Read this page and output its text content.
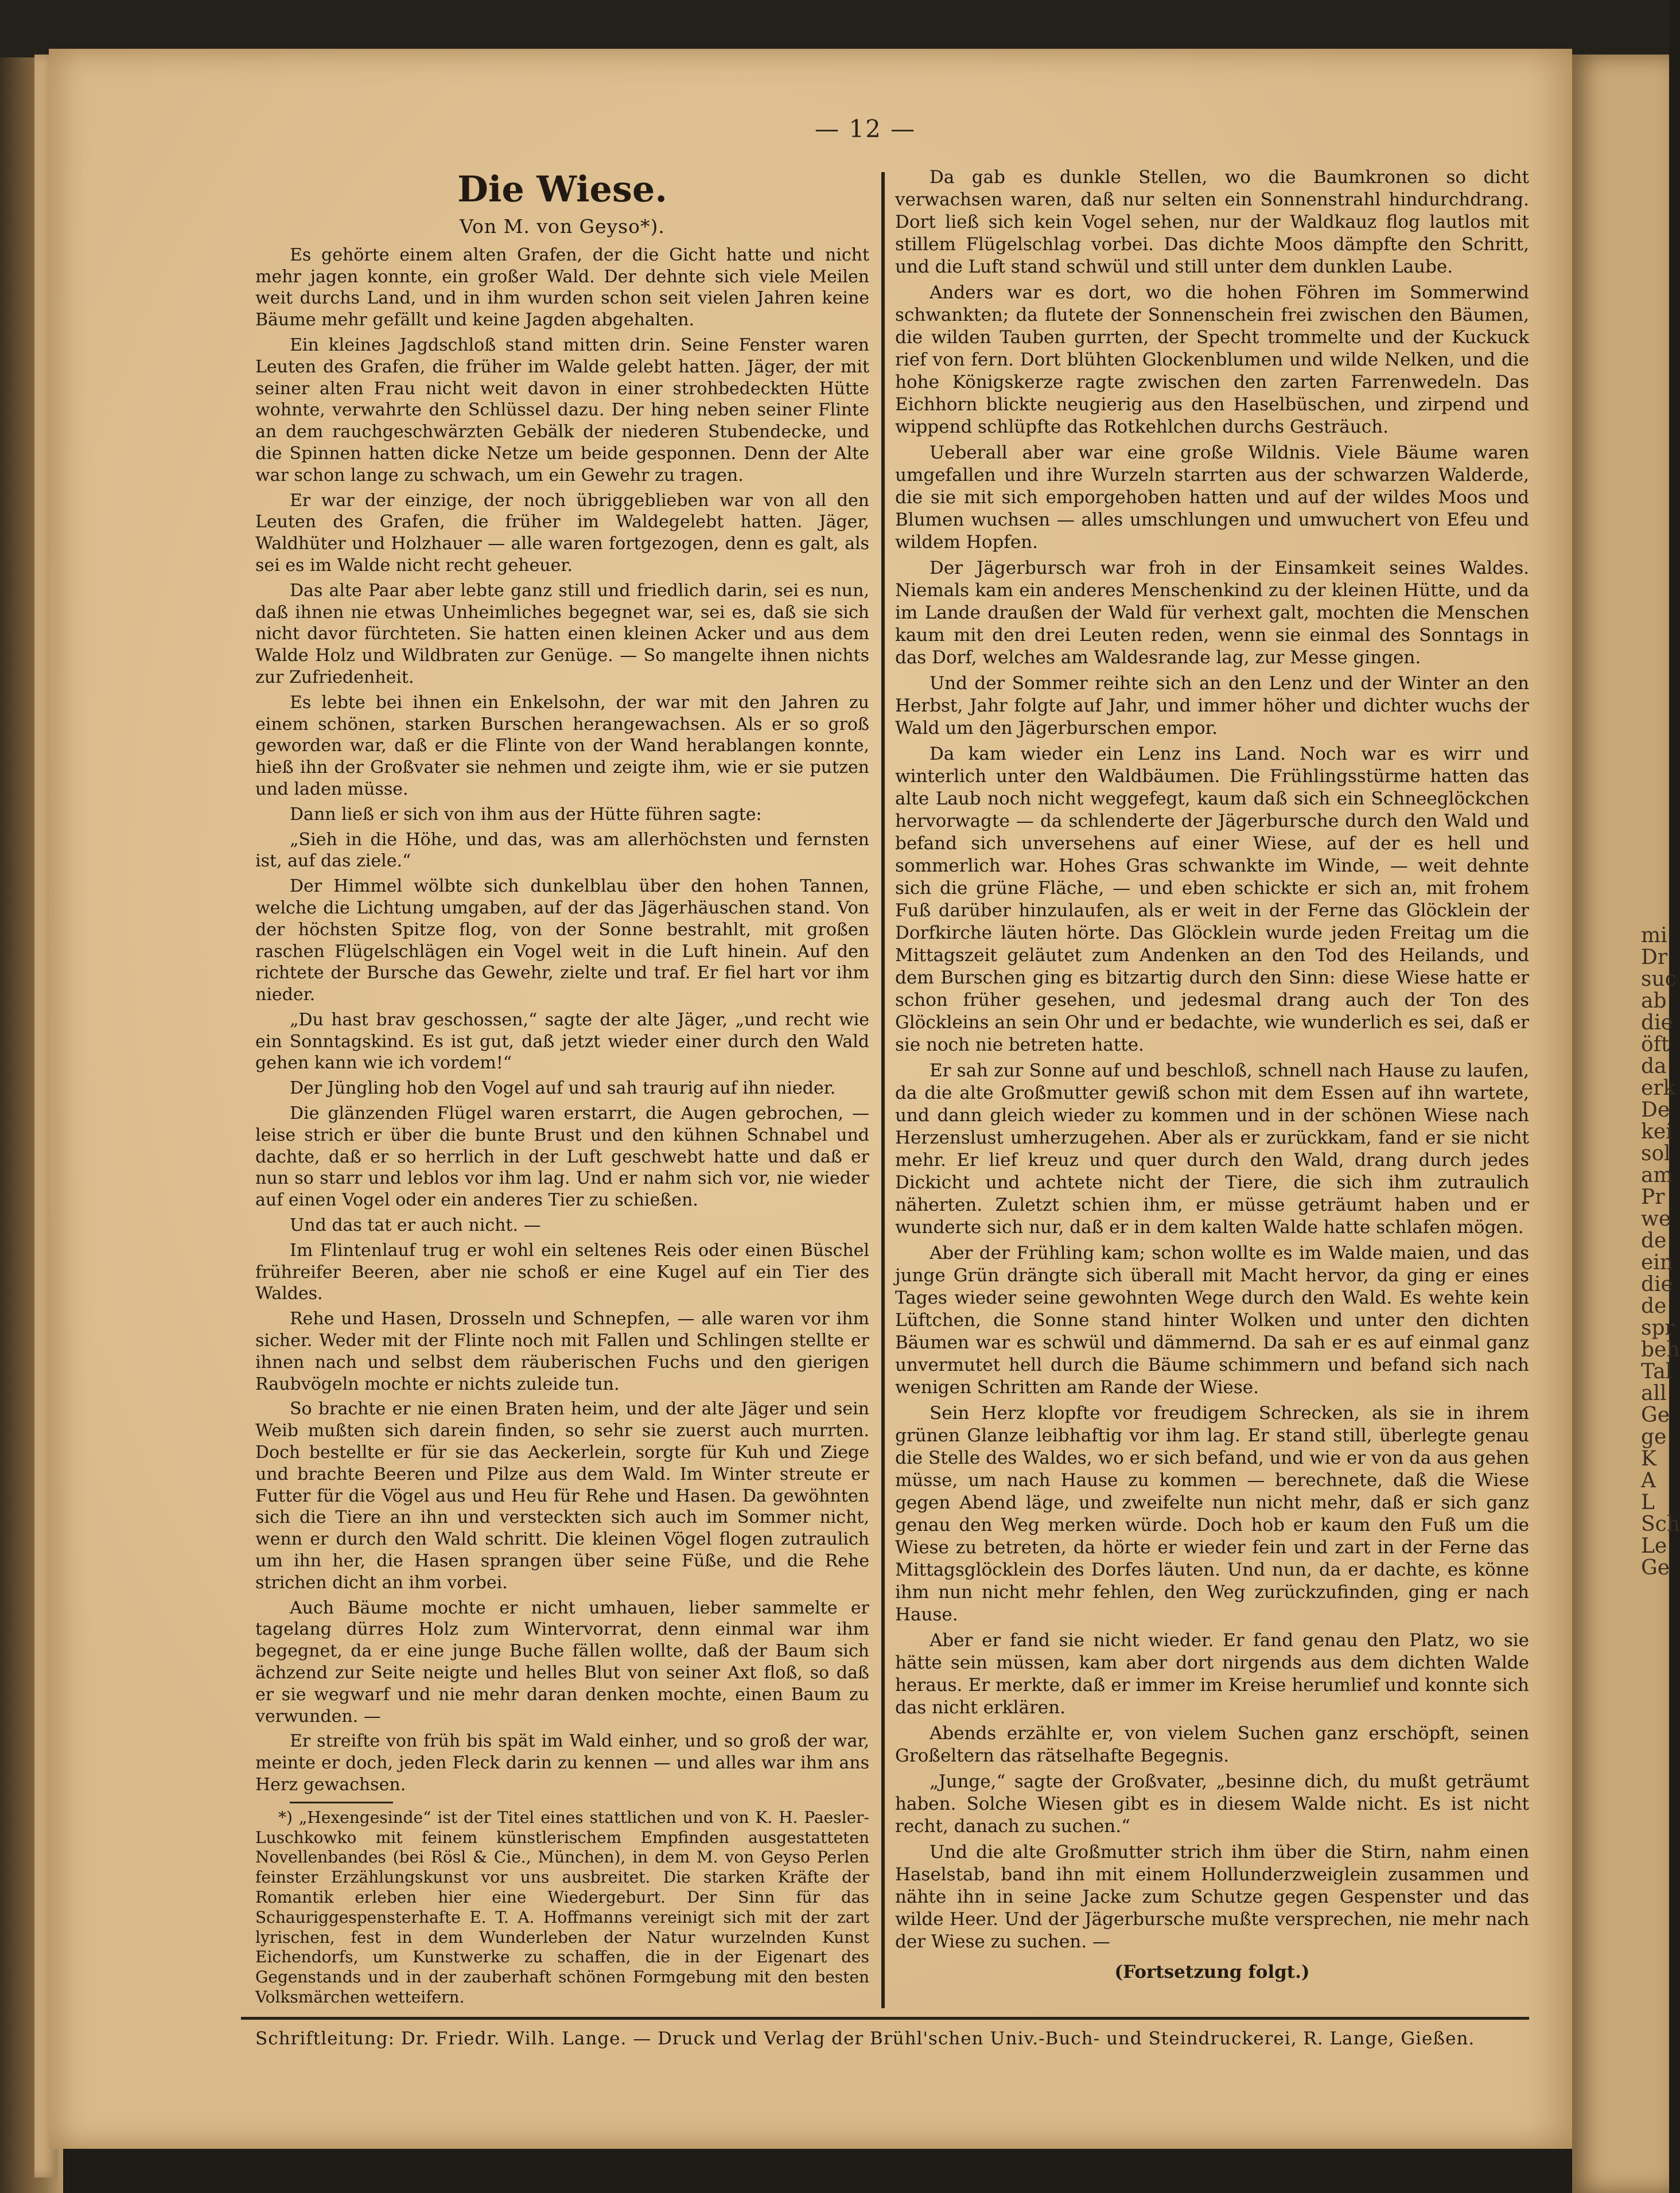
— 12 —
Die Wiese.
Von M. von Geyso*).

Es gehörte einem alten Grafen, der die Gicht hatte und nicht mehr jagen konnte, ein großer Wald. Der dehnte sich viele Meilen weit durchs Land, und in ihm wurden schon seit vielen Jahren keine Bäume mehr gefällt und keine Jagden abgehalten.

Ein kleines Jagdschloß stand mitten drin. Seine Fenster waren Leuten des Grafen, die früher im Walde gelebt hatten. Jäger, der mit seiner alten Frau nicht weit davon in einer strohbedeckten Hütte wohnte, verwahrte den Schlüssel dazu. Der hing neben seiner Flinte an dem rauchgeschwärzten Gebälk der niederen Stubendecke, und die Spinnen hatten dicke Netze um beide gesponnen. Denn der Alte war schon lange zu schwach, um ein Gewehr zu tragen.

Er war der einzige, der noch übriggeblieben war von all den Leuten des Grafen, die früher im Waldegelebt hatten. Jäger, Waldhüter und Holzhauer — alle waren fortgezogen, denn es galt, als sei es im Walde nicht recht geheuer.

Das alte Paar aber lebte ganz still und friedlich darin, sei es nun, daß ihnen nie etwas Unheimliches begegnet war, sei es, daß sie sich nicht davor fürchteten. Sie hatten einen kleinen Acker und aus dem Walde Holz und Wildbraten zur Genüge. — So mangelte ihnen nichts zur Zufriedenheit.

Es lebte bei ihnen ein Enkelsohn, der war mit den Jahren zu einem schönen, starken Burschen herangewachsen. Als er so groß geworden war, daß er die Flinte von der Wand herablangen konnte, hieß ihn der Großvater sie nehmen und zeigte ihm, wie er sie putzen und laden müsse.

Dann ließ er sich von ihm aus der Hütte führen sagte:

„Sieh in die Höhe, und das, was am allerhöchsten und fernsten ist, auf das ziele.“

Der Himmel wölbte sich dunkelblau über den hohen Tannen, welche die Lichtung umgaben, auf der das Jägerhäuschen stand. Von der höchsten Spitze flog, von der Sonne bestrahlt, mit großen raschen Flügelschlägen ein Vogel weit in die Luft hinein. Auf den richtete der Bursche das Gewehr, zielte und traf. Er fiel hart vor ihm nieder.

„Du hast brav geschossen,“ sagte der alte Jäger, „und recht wie ein Sonntagskind. Es ist gut, daß jetzt wieder einer durch den Wald gehen kann wie ich vordem!“

Der Jüngling hob den Vogel auf und sah traurig auf ihn nieder.

Die glänzenden Flügel waren erstarrt, die Augen gebrochen, — leise strich er über die bunte Brust und den kühnen Schnabel und dachte, daß er so herrlich in der Luft geschwebt hatte und daß er nun so starr und leblos vor ihm lag. Und er nahm sich vor, nie wieder auf einen Vogel oder ein anderes Tier zu schießen.

Und das tat er auch nicht. —

Im Flintenlauf trug er wohl ein seltenes Reis oder einen Büschel frühreifer Beeren, aber nie schoß er eine Kugel auf ein Tier des Waldes.

Rehe und Hasen, Drosseln und Schnepfen, — alle waren vor ihm sicher. Weder mit der Flinte noch mit Fallen und Schlingen stellte er ihnen nach und selbst dem räuberischen Fuchs und den gierigen Raubvögeln mochte er nichts zuleide tun.

So brachte er nie einen Braten heim, und der alte Jäger und sein Weib mußten sich darein finden, so sehr sie zuerst auch murrten. Doch bestellte er für sie das Aeckerlein, sorgte für Kuh und Ziege und brachte Beeren und Pilze aus dem Wald. Im Winter streute er Futter für die Vögel aus und Heu für Rehe und Hasen. Da gewöhnten sich die Tiere an ihn und versteckten sich auch im Sommer nicht, wenn er durch den Wald schritt. Die kleinen Vögel flogen zutraulich um ihn her, die Hasen sprangen über seine Füße, und die Rehe strichen dicht an ihm vorbei.

Auch Bäume mochte er nicht umhauen, lieber sammelte er tagelang dürres Holz zum Wintervorrat, denn einmal war ihm begegnet, da er eine junge Buche fällen wollte, daß der Baum sich ächzend zur Seite neigte und helles Blut von seiner Axt floß, so daß er sie wegwarf und nie mehr daran denken mochte, einen Baum zu verwunden. —

Er streifte von früh bis spät im Wald einher, und so groß der war, meinte er doch, jeden Fleck darin zu kennen — und alles war ihm ans Herz gewachsen.

*) „Hexengesinde“ ist der Titel eines stattlichen und von K. H. Paesler-Luschkowko mit feinem künstlerischem Empfinden ausgestatteten Novellenbandes (bei Rösl & Cie., München), in dem M. von Geyso Perlen feinster Erzählungskunst vor uns ausbreitet. Die starken Kräfte der Romantik erleben hier eine Wiedergeburt. Der Sinn für das Schauriggespensterhafte E. T. A. Hoffmanns vereinigt sich mit der zart lyrischen, fest in dem Wunderleben der Natur wurzelnden Kunst Eichendorfs, um Kunstwerke zu schaffen, die in der Eigenart des Gegenstands und in der zauberhaft schönen Formgebung mit den besten Volksmärchen wetteifern.

Da gab es dunkle Stellen, wo die Baumkronen so dicht verwachsen waren, daß nur selten ein Sonnenstrahl hindurchdrang. Dort ließ sich kein Vogel sehen, nur der Waldkauz flog lautlos mit stillem Flügelschlag vorbei. Das dichte Moos dämpfte den Schritt, und die Luft stand schwül und still unter dem dunklen Laube.

Anders war es dort, wo die hohen Föhren im Sommerwind schwankten; da flutete der Sonnenschein frei zwischen den Bäumen, die wilden Tauben gurrten, der Specht trommelte und der Kuckuck rief von fern. Dort blühten Glockenblumen und wilde Nelken, und die hohe Königskerze ragte zwischen den zarten Farrenwedeln. Das Eichhorn blickte neugierig aus den Haselbüschen, und zirpend und wippend schlüpfte das Rotkehlchen durchs Gesträuch.

Ueberall aber war eine große Wildnis. Viele Bäume waren umgefallen und ihre Wurzeln starrten aus der schwarzen Walderde, die sie mit sich emporgehoben hatten und auf der wildes Moos und Blumen wuchsen — alles umschlungen und umwuchert von Efeu und wildem Hopfen.

Der Jägerbursch war froh in der Einsamkeit seines Waldes. Niemals kam ein anderes Menschenkind zu der kleinen Hütte, und da im Lande draußen der Wald für verhext galt, mochten die Menschen kaum mit den drei Leuten reden, wenn sie einmal des Sonntags in das Dorf, welches am Waldesrande lag, zur Messe gingen.

Und der Sommer reihte sich an den Lenz und der Winter an den Herbst, Jahr folgte auf Jahr, und immer höher und dichter wuchs der Wald um den Jägerburschen empor.

Da kam wieder ein Lenz ins Land. Noch war es wirr und winterlich unter den Waldbäumen. Die Frühlingsstürme hatten das alte Laub noch nicht weggefegt, kaum daß sich ein Schneeglöckchen hervorwagte — da schlenderte der Jägerbursche durch den Wald und befand sich unversehens auf einer Wiese, auf der es hell und sommerlich war. Hohes Gras schwankte im Winde, — weit dehnte sich die grüne Fläche, — und eben schickte er sich an, mit frohem Fuß darüber hinzulaufen, als er weit in der Ferne das Glöcklein der Dorfkirche läuten hörte. Das Glöcklein wurde jeden Freitag um die Mittagszeit geläutet zum Andenken an den Tod des Heilands, und dem Burschen ging es bitzartig durch den Sinn: diese Wiese hatte er schon früher gesehen, und jedesmal drang auch der Ton des Glöckleins an sein Ohr und er bedachte, wie wunderlich es sei, daß er sie noch nie betreten hatte.

Er sah zur Sonne auf und beschloß, schnell nach Hause zu laufen, da die alte Großmutter gewiß schon mit dem Essen auf ihn wartete, und dann gleich wieder zu kommen und in der schönen Wiese nach Herzenslust umherzugehen. Aber als er zurückkam, fand er sie nicht mehr. Er lief kreuz und quer durch den Wald, drang durch jedes Dickicht und achtete nicht der Tiere, die sich ihm zutraulich näherten. Zuletzt schien ihm, er müsse geträumt haben und er wunderte sich nur, daß er in dem kalten Walde hatte schlafen mögen.

Aber der Frühling kam; schon wollte es im Walde maien, und das junge Grün drängte sich überall mit Macht hervor, da ging er eines Tages wieder seine gewohnten Wege durch den Wald. Es wehte kein Lüftchen, die Sonne stand hinter Wolken und unter den dichten Bäumen war es schwül und dämmernd. Da sah er es auf einmal ganz unvermutet hell durch die Bäume schimmern und befand sich nach wenigen Schritten am Rande der Wiese.

Sein Herz klopfte vor freudigem Schrecken, als sie in ihrem grünen Glanze leibhaftig vor ihm lag. Er stand still, überlegte genau die Stelle des Waldes, wo er sich befand, und wie er von da aus gehen müsse, um nach Hause zu kommen — berechnete, daß die Wiese gegen Abend läge, und zweifelte nun nicht mehr, daß er sich ganz genau den Weg merken würde. Doch hob er kaum den Fuß um die Wiese zu betreten, da hörte er wieder fein und zart in der Ferne das Mittagsglöcklein des Dorfes läuten. Und nun, da er dachte, es könne ihm nun nicht mehr fehlen, den Weg zurückzufinden, ging er nach Hause.

Aber er fand sie nicht wieder. Er fand genau den Platz, wo sie hätte sein müssen, kam aber dort nirgends aus dem dichten Walde heraus. Er merkte, daß er immer im Kreise herumlief und konnte sich das nicht erklären.

Abends erzählte er, von vielem Suchen ganz erschöpft, seinen Großeltern das rätselhafte Begegnis.

„Junge,“ sagte der Großvater, „besinne dich, du mußt geträumt haben. Solche Wiesen gibt es in diesem Walde nicht. Es ist nicht recht, danach zu suchen.“

Und die alte Großmutter strich ihm über die Stirn, nahm einen Haselstab, band ihn mit einem Hollunderzweiglein zusammen und nähte ihn in seine Jacke zum Schutze gegen Gespenster und das wilde Heer. Und der Jägerbursche mußte versprechen, nie mehr nach der Wiese zu suchen. —

(Fortsetzung folgt.)
Schriftleitung: Dr. Friedr. Wilh. Lange. — Druck und Verlag der Brühl'schen Univ.-Buch- und Steindruckerei, R. Lange, Gießen.
mi
Dr
suc
ab
die
öft
da
erk
De
kei
sol
am
Pr
we
de
ein
die
de
spr
beh
Tal
all
Ge
ge
K
A
L
Sch
Le
Ge
